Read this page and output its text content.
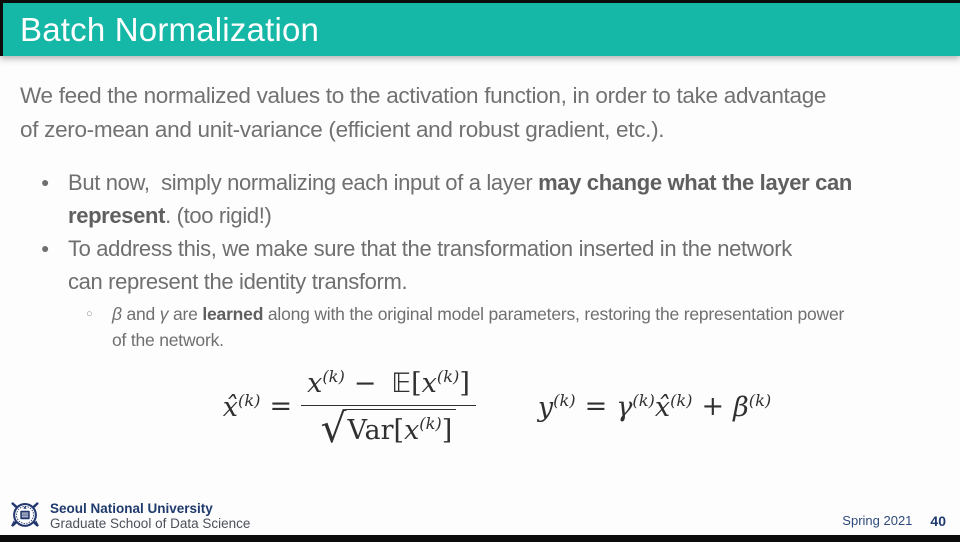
Batch Normalization

We feed the normalized values to the activation function, in order to take advantage
of zero-mean and unit-variance (efficient and robust gradient, etc.).

● But now,  simply normalizing each input of a layer may change what the layer can
represent. (too rigid!)
● To address this, we make sure that the transformation inserted in the network
can represent the identity transform.
○ β and γ are learned along with the original model parameters, restoring the representation power
of the network.
x̂$^{(k)}$ = $\frac{x^{(k)} - 𝔼[x^{(k)}]}{√ Var[x^{(k)}]} y^{(k)} = \gamma^{(k)}$ x̂$^{(k)}$ + $\beta^{(k)}$
Seoul National University
Graduate School of Data Science	Spring 2021 40
